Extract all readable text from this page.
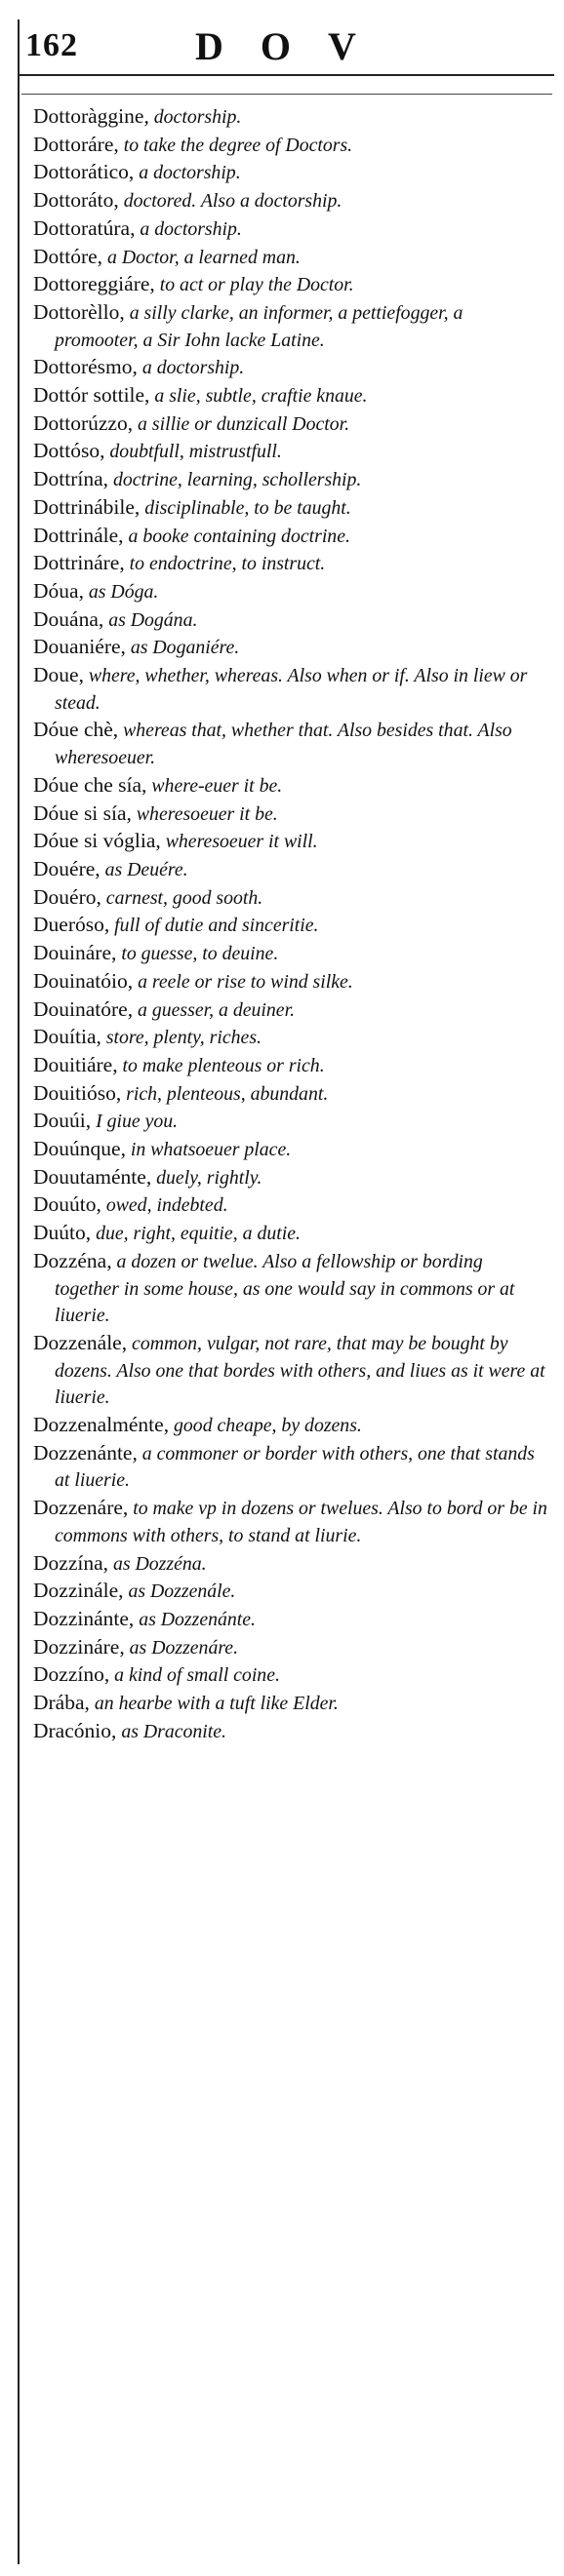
162	DOV

Dottoràggine, doctorship.

Dottoráre, to take the degree of Doctors.

Dottorático, a doctorship.

Dottoráto, doctored. Also a doctorship.

Dottoratúra, a doctorship.

Dottóre, a Doctor, a learned man.

Dottoreggiáre, to act or play the Doctor.

Dottorèllo, a silly clarke, an informer, a pettiefogger, a promooter, a Sir Iohn lacke Latine.

Dottorésmo, a doctorship.

Dottór sottile, a slie, subtle, craftie knaue.

Dottorúzzo, a sillie or dunzicall Doctor.

Dottóso, doubtfull, mistrustfull.

Dottrína, doctrine, learning, schollership.

Dottrinábile, disciplinable, to be taught.

Dottrinále, a booke containing doctrine.

Dottrináre, to endoctrine, to instruct.

Dóua, as Dóga.

Douána, as Dogána.

Douaniére, as Doganiére.

Doue, where, whether, whereas. Also when or if. Also in liew or stead.

Dóue chè, whereas that, whether that. Also besides that. Also wheresoeuer.

Dóue che sía, where-euer it be.

Dóue si sía, wheresoeuer it be.

Dóue si vóglia, wheresoeuer it will.

Douére, as Deuére.

Douéro, carnest, good sooth.

Dueróso, full of dutie and sinceritie.

Douináre, to guesse, to deuine.

Douinatóio, a reele or rise to wind silke.

Douinatóre, a guesser, a deuiner.

Douítia, store, plenty, riches.

Douitiáre, to make plenteous or rich.

Douitióso, rich, plenteous, abundant.

Douúi, I giue you.

Douúnque, in whatsoeuer place.

Douutaménte, duely, rightly.

Douúto, owed, indebted.

Duúto, due, right, equitie, a dutie.

Dozzéna, a dozen or twelue. Also a fellowship or bording together in some house, as one would say in commons or at liuerie.

Dozzenále, common, vulgar, not rare, that may be bought by dozens. Also one that bordes with others, and liues as it were at liuerie.

Dozzenalménte, good cheape, by dozens.

Dozzenánte, a commoner or border with others, one that stands at liuerie.

Dozzenáre, to make vp in dozens or twelues. Also to bord or be in commons with others, to stand at liurie.

Dozzína, as Dozzéna.

Dozzinále, as Dozzenále.

Dozzinánte, as Dozzenánte.

Dozzináre, as Dozzenáre.

Dozzíno, a kind of small coine.

Drába, an hearbe with a tuft like Elder.

Dracónio, as Draconite.
